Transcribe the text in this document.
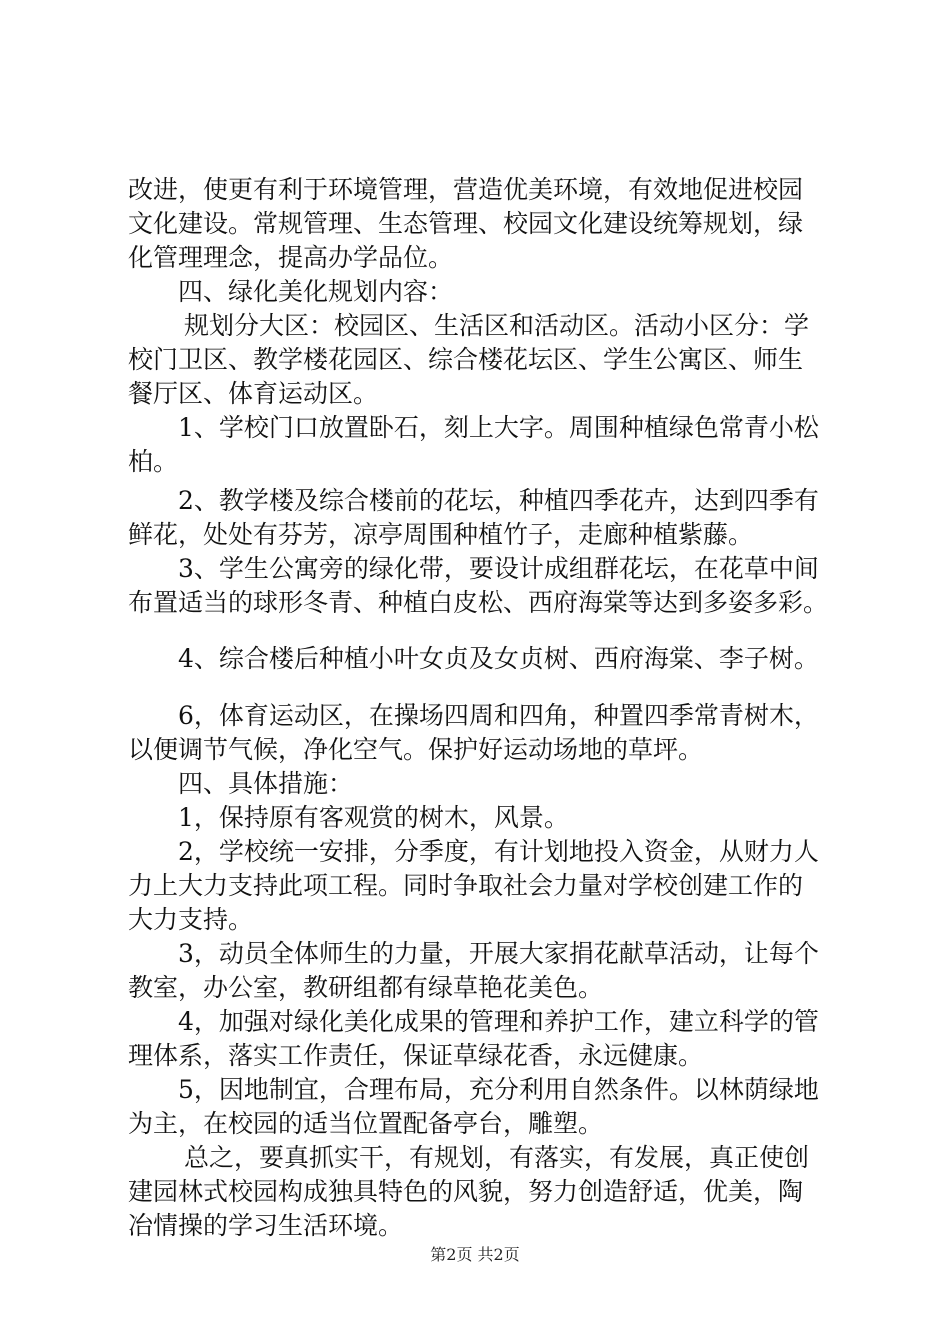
改进，使更有利于环境管理，营造优美环境，有效地促进校园
文化建设。常规管理、生态管理、校园文化建设统筹规划，绿
化管理理念，提高办学品位。
四、绿化美化规划内容：
规划分大区：校园区、生活区和活动区。活动小区分：学
校门卫区、教学楼花园区、综合楼花坛区、学生公寓区、师生
餐厅区、体育运动区。
1、学校门口放置卧石，刻上大字。周围种植绿色常青小松
柏。
2、教学楼及综合楼前的花坛，种植四季花卉，达到四季有
鲜花，处处有芬芳，凉亭周围种植竹子，走廊种植紫藤。
3、学生公寓旁的绿化带，要设计成组群花坛，在花草中间
布置适当的球形冬青、种植白皮松、西府海棠等达到多姿多彩。
4、综合楼后种植小叶女贞及女贞树、西府海棠、李子树。
6，体育运动区，在操场四周和四角，种置四季常青树木，
以便调节气候，净化空气。保护好运动场地的草坪。
四、具体措施：
1，保持原有客观赏的树木，风景。
2，学校统一安排，分季度，有计划地投入资金，从财力人
力上大力支持此项工程。同时争取社会力量对学校创建工作的
大力支持。
3，动员全体师生的力量，开展大家捐花献草活动，让每个
教室，办公室，教研组都有绿草艳花美色。
4，加强对绿化美化成果的管理和养护工作，建立科学的管
理体系，落实工作责任，保证草绿花香，永远健康。
5，因地制宜，合理布局，充分利用自然条件。以林荫绿地
为主，在校园的适当位置配备亭台，雕塑。
总之，要真抓实干，有规划，有落实，有发展，真正使创
建园林式校园构成独具特色的风貌，努力创造舒适，优美，陶
冶情操的学习生活环境。
第2页 共2页
